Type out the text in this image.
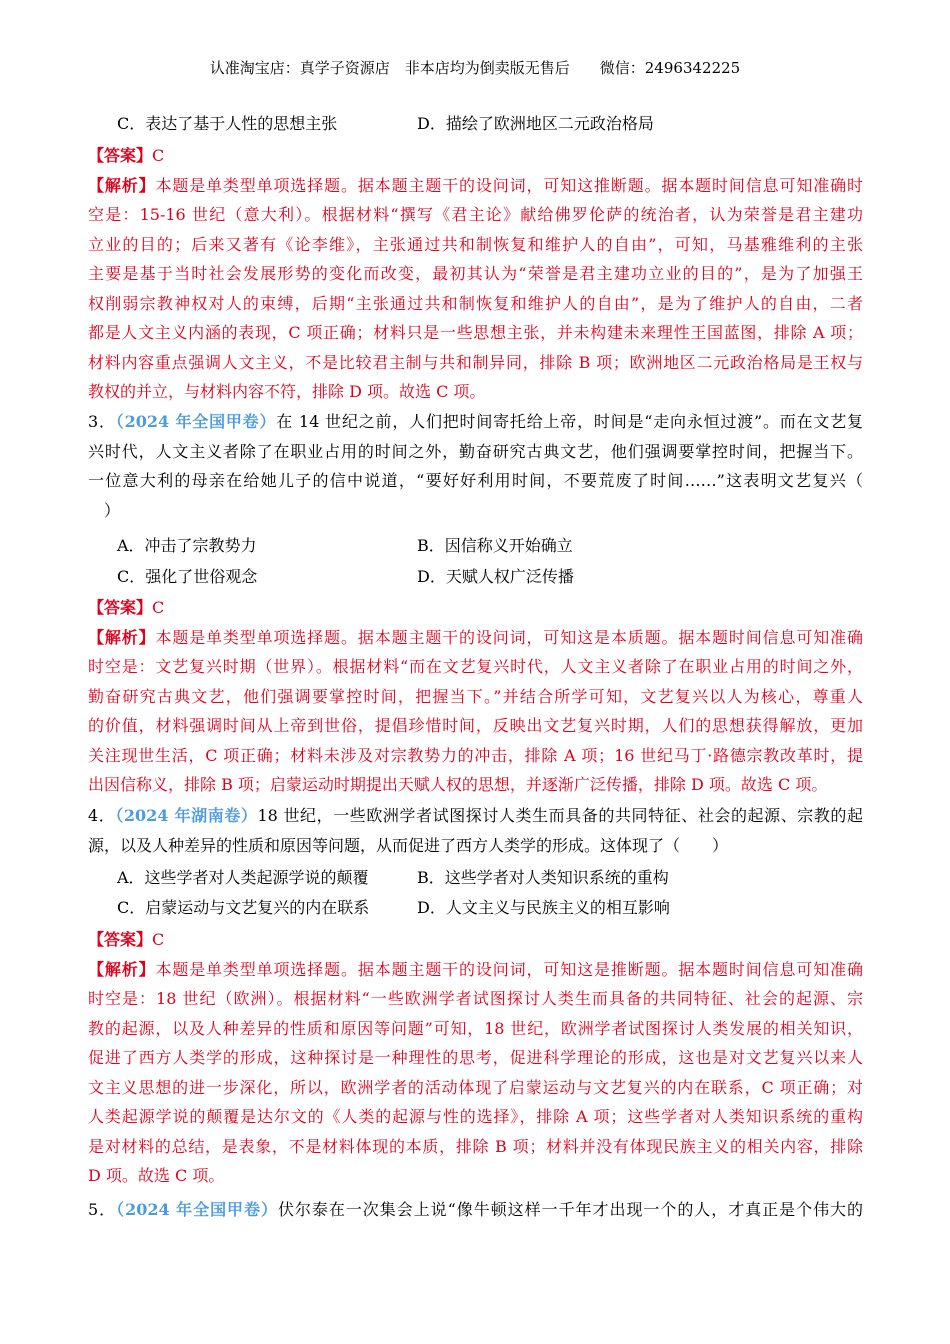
认准淘宝店：真学子资源店　非本店均为倒卖版无售后　　微信：2496342225
C．表达了基于人性的思想主张	D．描绘了欧洲地区二元政治格局
【答案】C
【解析】本题是单类型单项选择题。据本题主题干的设问词，可知这推断题。据本题时间信息可知准确时
空是：15-16 世纪（意大利）。根据材料“撰写《君主论》献给佛罗伦萨的统治者，认为荣誉是君主建功
立业的目的；后来又著有《论李维》，主张通过共和制恢复和维护人的自由”，可知，马基雅维利的主张
主要是基于当时社会发展形势的变化而改变，最初其认为“荣誉是君主建功立业的目的”，是为了加强王
权削弱宗教神权对人的束缚，后期“主张通过共和制恢复和维护人的自由”，是为了维护人的自由，二者
都是人文主义内涵的表现，C 项正确；材料只是一些思想主张，并未构建未来理性王国蓝图，排除 A 项；
材料内容重点强调人文主义，不是比较君主制与共和制异同，排除 B 项；欧洲地区二元政治格局是王权与
教权的并立，与材料内容不符，排除 D 项。故选 C 项。
3．（2024 年全国甲卷）在 14 世纪之前，人们把时间寄托给上帝，时间是“走向永恒过渡”。而在文艺复
兴时代，人文主义者除了在职业占用的时间之外，勤奋研究古典文艺，他们强调要掌控时间，把握当下。
一位意大利的母亲在给她儿子的信中说道，“要好好利用时间，不要荒废了时间……”这表明文艺复兴（
　）
A．冲击了宗教势力	B．因信称义开始确立
C．强化了世俗观念	D．天赋人权广泛传播
【答案】C
【解析】本题是单类型单项选择题。据本题主题干的设问词，可知这是本质题。据本题时间信息可知准确
时空是：文艺复兴时期（世界）。根据材料“而在文艺复兴时代，人文主义者除了在职业占用的时间之外，
勤奋研究古典文艺，他们强调要掌控时间，把握当下。”并结合所学可知，文艺复兴以人为核心，尊重人
的价值，材料强调时间从上帝到世俗，提倡珍惜时间，反映出文艺复兴时期，人们的思想获得解放，更加
关注现世生活，C 项正确；材料未涉及对宗教势力的冲击，排除 A 项；16 世纪马丁·路德宗教改革时，提
出因信称义，排除 B 项；启蒙运动时期提出天赋人权的思想，并逐渐广泛传播，排除 D 项。故选 C 项。
4．（2024 年湖南卷）18 世纪，一些欧洲学者试图探讨人类生而具备的共同特征、社会的起源、宗教的起
源，以及人种差异的性质和原因等问题，从而促进了西方人类学的形成。这体现了（　　）
A．这些学者对人类起源学说的颠覆	B．这些学者对人类知识系统的重构
C．启蒙运动与文艺复兴的内在联系	D．人文主义与民族主义的相互影响
【答案】C
【解析】本题是单类型单项选择题。据本题主题干的设问词，可知这是推断题。据本题时间信息可知准确
时空是：18 世纪（欧洲）。根据材料“一些欧洲学者试图探讨人类生而具备的共同特征、社会的起源、宗
教的起源，以及人种差异的性质和原因等问题”可知，18 世纪，欧洲学者试图探讨人类发展的相关知识，
促进了西方人类学的形成，这种探讨是一种理性的思考，促进科学理论的形成，这也是对文艺复兴以来人
文主义思想的进一步深化，所以，欧洲学者的活动体现了启蒙运动与文艺复兴的内在联系，C 项正确；对
人类起源学说的颠覆是达尔文的《人类的起源与性的选择》，排除 A 项；这些学者对人类知识系统的重构
是对材料的总结，是表象，不是材料体现的本质，排除 B 项；材料并没有体现民族主义的相关内容，排除
D 项。故选 C 项。
5．（2024 年全国甲卷）伏尔泰在一次集会上说“像牛顿这样一千年才出现一个的人，才真正是个伟大的
